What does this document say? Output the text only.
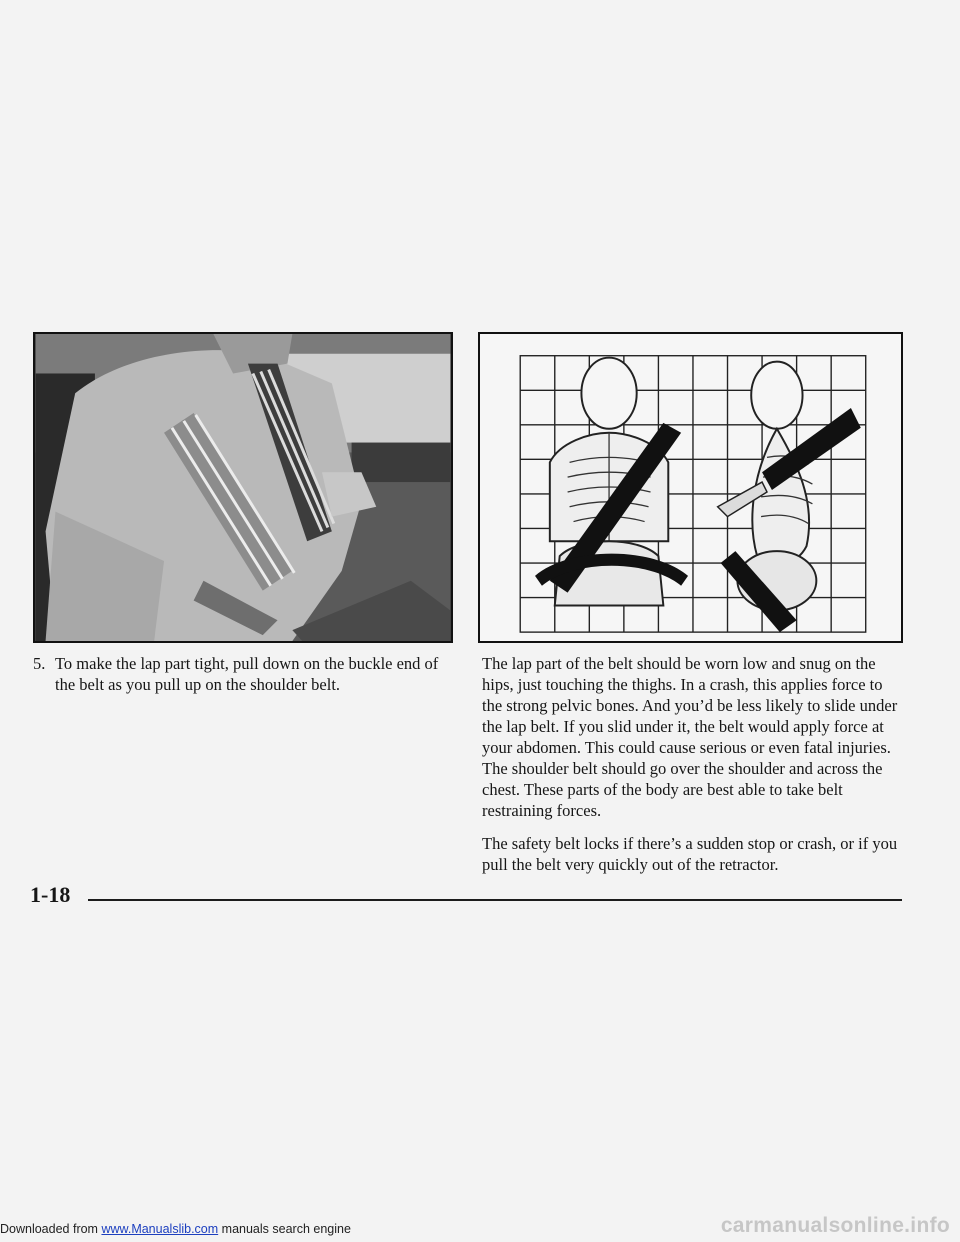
5. To make the lap part tight, pull down on the buckle end of the belt as you pull up on the shoulder belt.

The lap part of the belt should be worn low and snug on the hips, just touching the thighs. In a crash, this applies force to the strong pelvic bones. And you’d be less likely to slide under the lap belt. If you slid under it, the belt would apply force at your abdomen. This could cause serious or even fatal injuries. The shoulder belt should go over the shoulder and across the chest. These parts of the body are best able to take belt restraining forces.

The safety belt locks if there’s a sudden stop or crash, or if you pull the belt very quickly out of the retractor.

1-18
Downloaded from www.Manualslib.com manuals search engine	carmanualsonline.info
